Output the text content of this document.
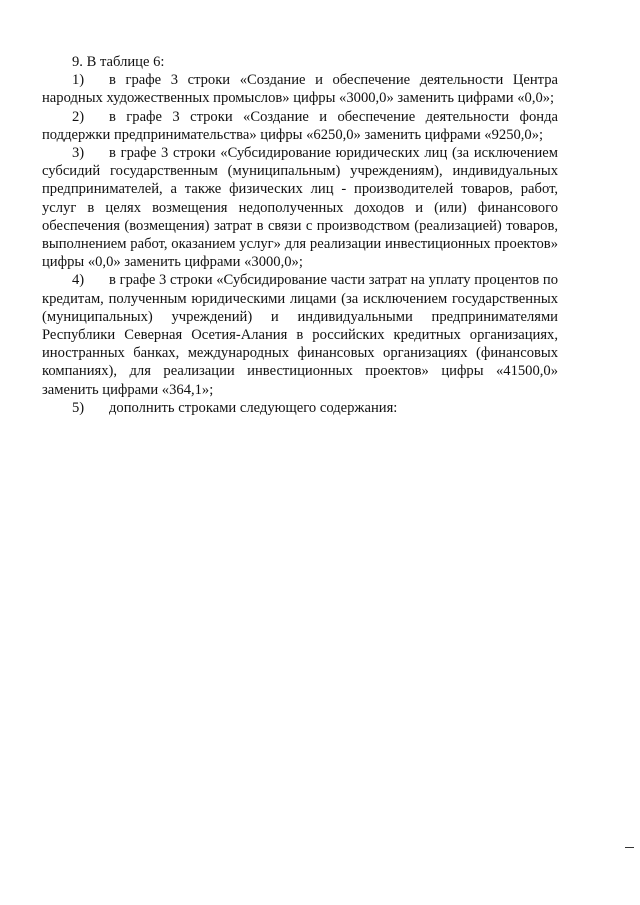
9. В таблице 6:

1) в графе 3 строки «Создание и обеспечение деятельности Центра народных художественных промыслов» цифры «3000,0» заменить цифрами «0,0»;

2) в графе 3 строки «Создание и обеспечение деятельности фонда поддержки предпринимательства» цифры «6250,0» заменить цифрами «9250,0»;

3) в графе 3 строки «Субсидирование юридических лиц (за исключением субсидий государственным (муниципальным) учреждениям), индивидуальных предпринимателей, а также физических лиц - производителей товаров, работ, услуг в целях возмещения недополученных доходов и (или) финансового обеспечения (возмещения) затрат в связи с производством (реализацией) товаров, выполнением работ, оказанием услуг» для реализации инвестиционных проектов» цифры «0,0» заменить цифрами «3000,0»;

4) в графе 3 строки «Субсидирование части затрат на уплату процентов по кредитам, полученным юридическими лицами (за исключением государственных (муниципальных) учреждений) и индивидуальными предпринимателями Республики Северная Осетия-Алания в российских кредитных организациях, иностранных банках, международных финансовых организациях (финансовых компаниях), для реализации инвестиционных проектов» цифры «41500,0» заменить цифрами «364,1»;

5) дополнить строками следующего содержания:
